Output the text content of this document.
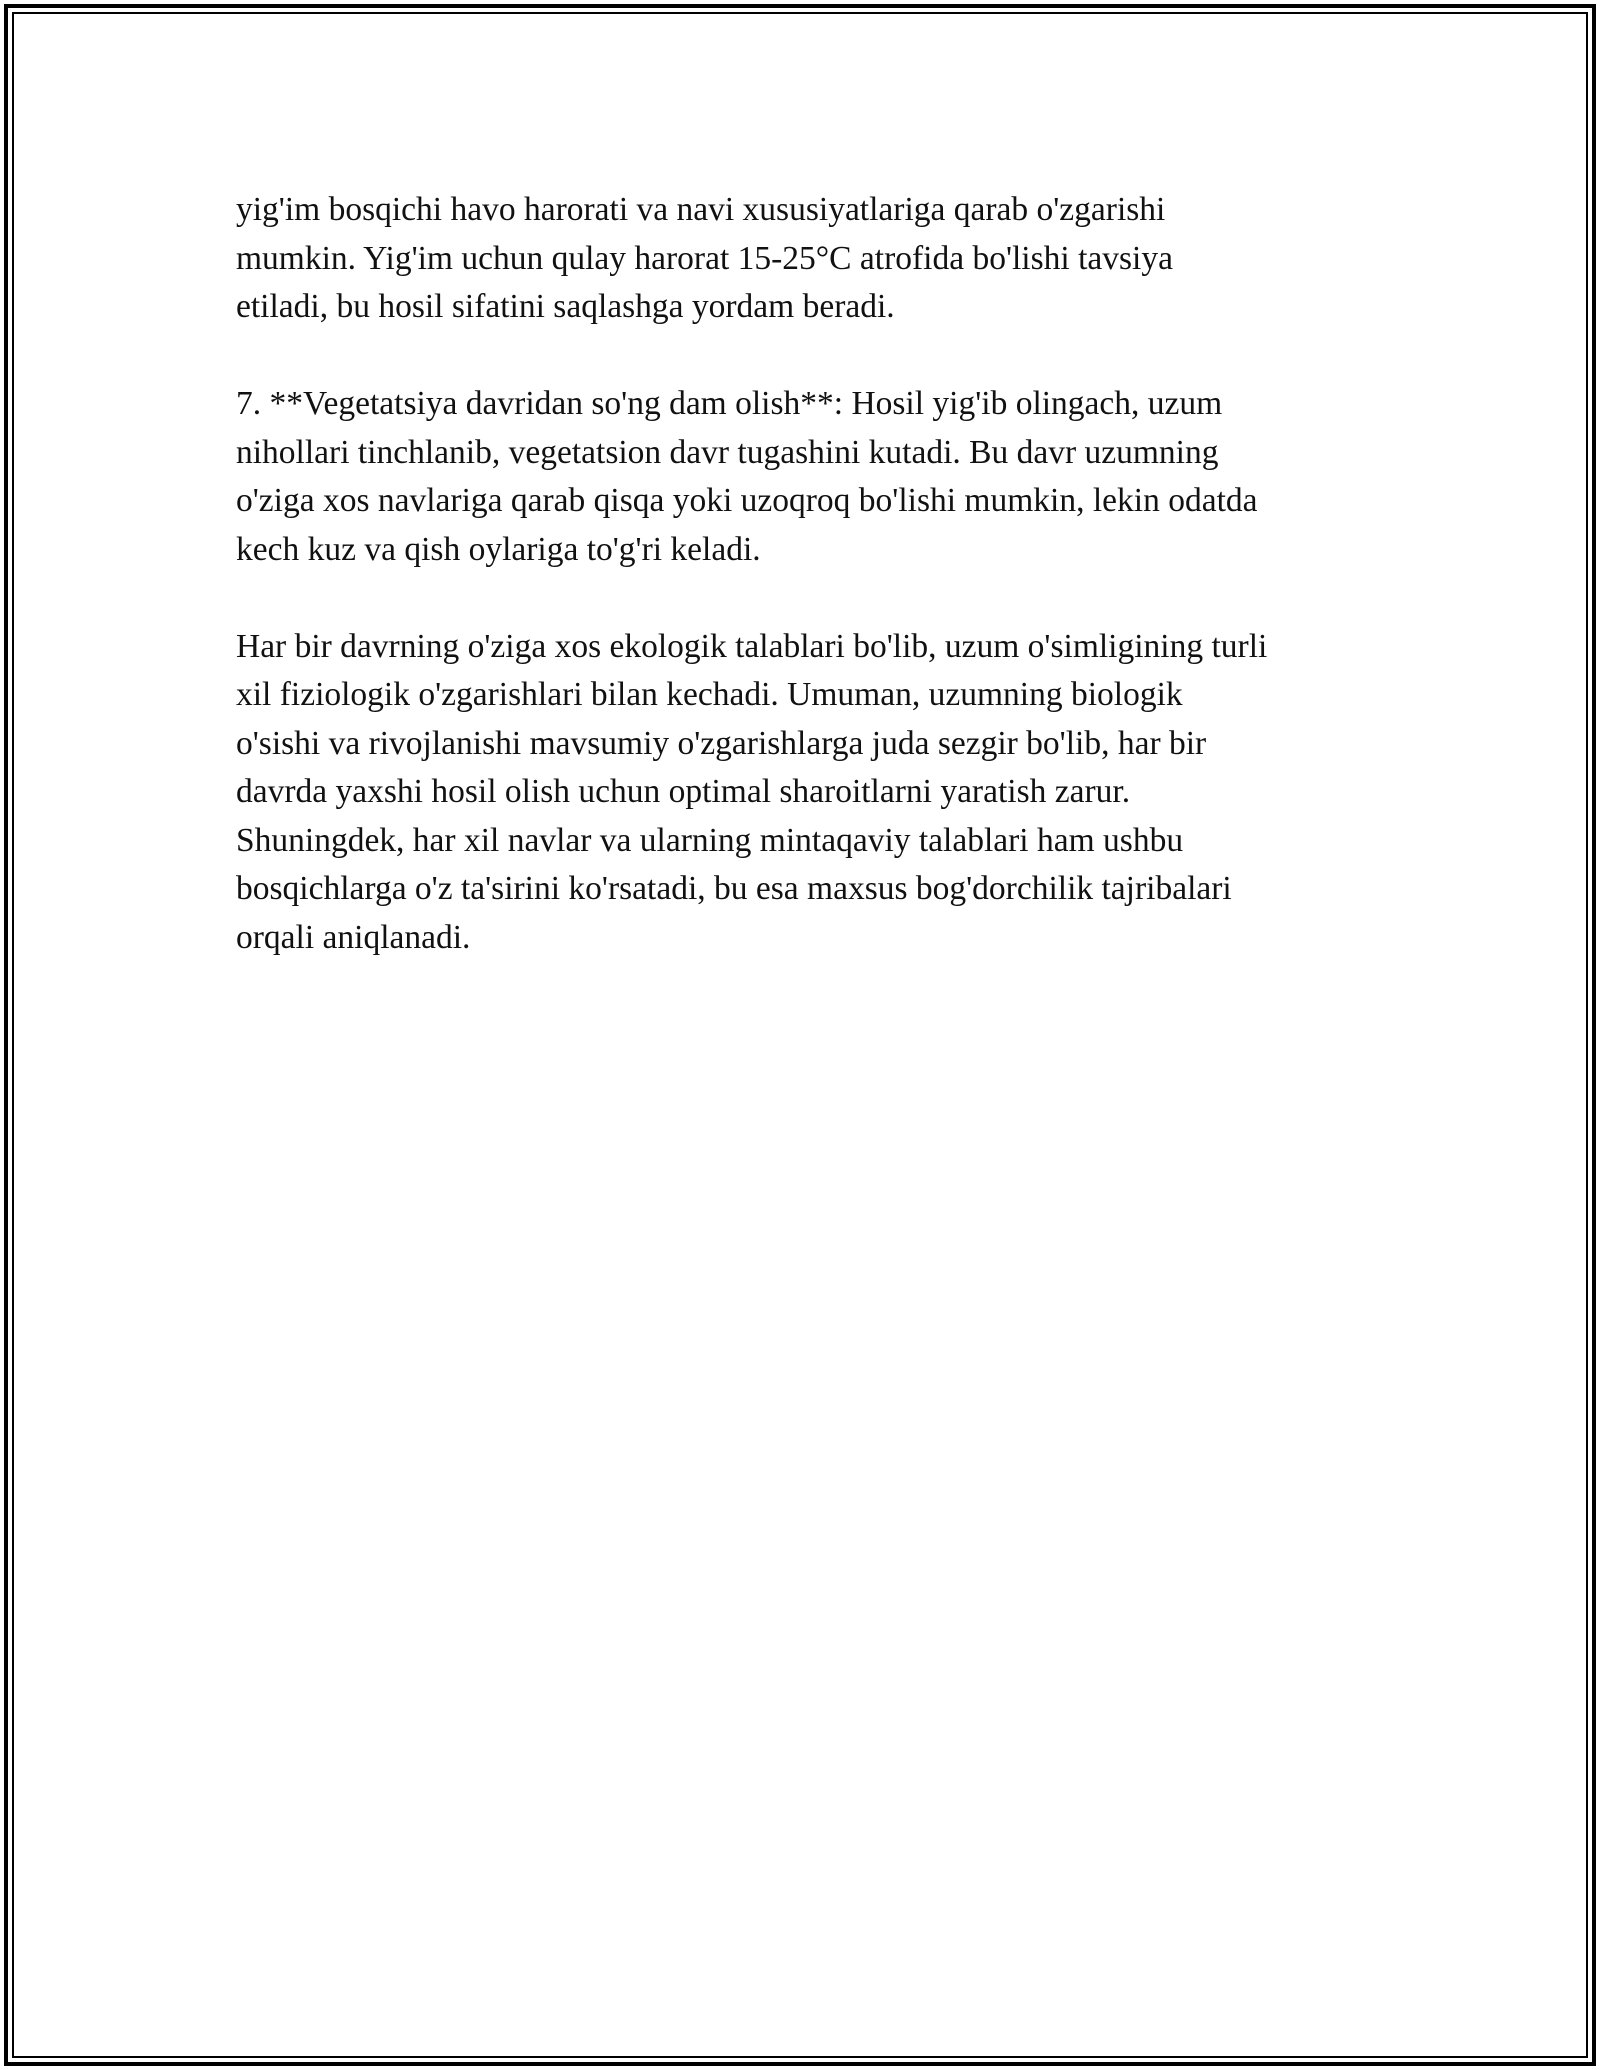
yig'im bosqichi havo harorati va navi xususiyatlariga qarab o'zgarishi
mumkin. Yig'im uchun qulay harorat 15-25°C atrofida bo'lishi tavsiya
etiladi, bu hosil sifatini saqlashga yordam beradi.

7. **Vegetatsiya davridan so'ng dam olish**: Hosil yig'ib olingach, uzum
nihollari tinchlanib, vegetatsion davr tugashini kutadi. Bu davr uzumning
o'ziga xos navlariga qarab qisqa yoki uzoqroq bo'lishi mumkin, lekin odatda
kech kuz va qish oylariga to'g'ri keladi.

Har bir davrning o'ziga xos ekologik talablari bo'lib, uzum o'simligining turli
xil fiziologik o'zgarishlari bilan kechadi. Umuman, uzumning biologik
o'sishi va rivojlanishi mavsumiy o'zgarishlarga juda sezgir bo'lib, har bir
davrda yaxshi hosil olish uchun optimal sharoitlarni yaratish zarur.
Shuningdek, har xil navlar va ularning mintaqaviy talablari ham ushbu
bosqichlarga o'z ta'sirini ko'rsatadi, bu esa maxsus bog'dorchilik tajribalari
orqali aniqlanadi.
